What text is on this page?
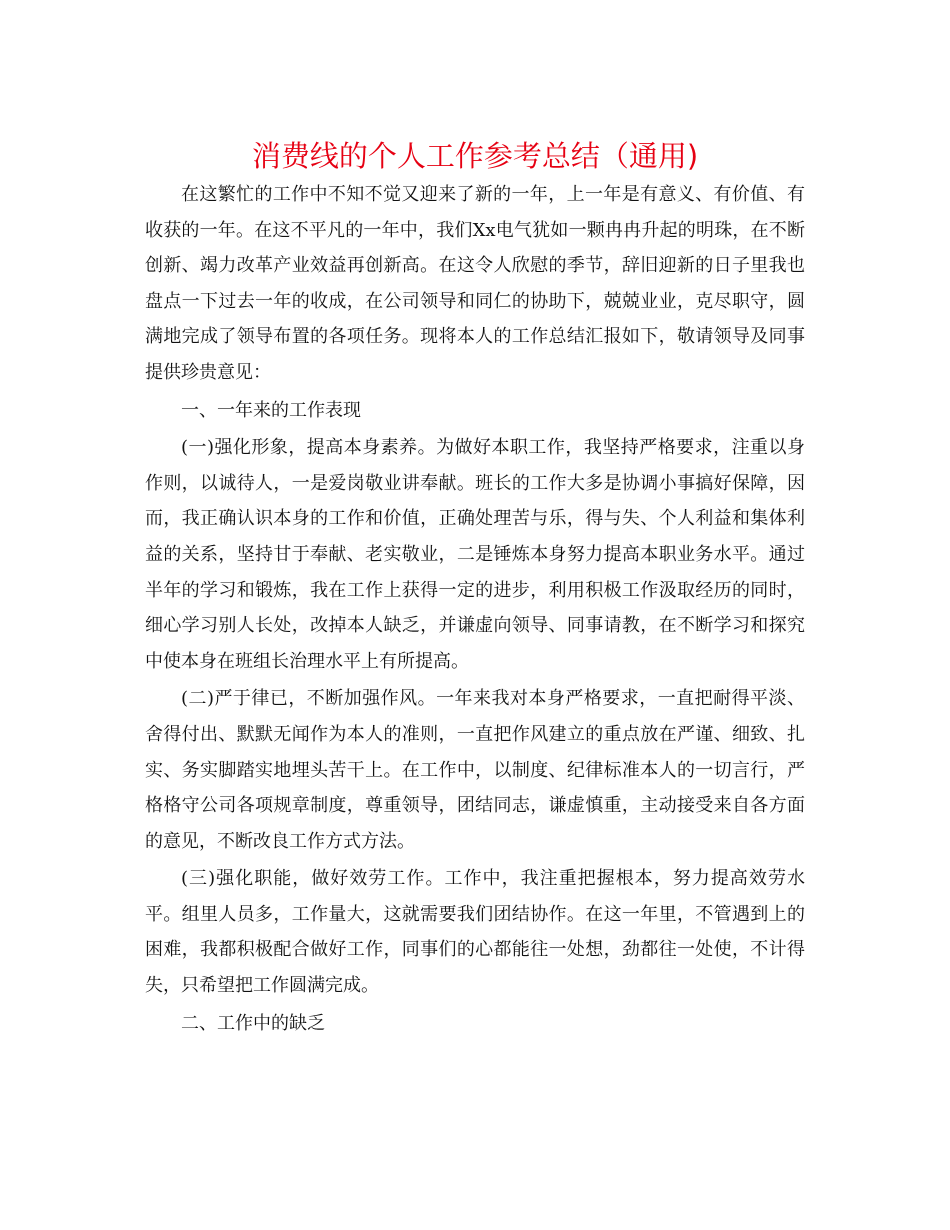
消费线的个人工作参考总结（通用)

在这繁忙的工作中不知不觉又迎来了新的一年，上一年是有意义、有价值、有收获的一年。在这不平凡的一年中，我们Xx电气犹如一颗冉冉升起的明珠，在不断创新、竭力改革产业效益再创新高。在这令人欣慰的季节，辞旧迎新的日子里我也盘点一下过去一年的收成，在公司领导和同仁的协助下，兢兢业业，克尽职守，圆满地完成了领导布置的各项任务。现将本人的工作总结汇报如下，敬请领导及同事提供珍贵意见：

一、一年来的工作表现

(一)强化形象，提高本身素养。为做好本职工作，我坚持严格要求，注重以身作则，以诚待人，一是爱岗敬业讲奉献。班长的工作大多是协调小事搞好保障，因而，我正确认识本身的工作和价值，正确处理苦与乐，得与失、个人利益和集体利益的关系，坚持甘于奉献、老实敬业，二是锤炼本身努力提高本职业务水平。通过半年的学习和锻炼，我在工作上获得一定的进步，利用积极工作汲取经历的同时，细心学习别人长处，改掉本人缺乏，并谦虚向领导、同事请教，在不断学习和探究中使本身在班组长治理水平上有所提高。

(二)严于律已，不断加强作风。一年来我对本身严格要求，一直把耐得平淡、舍得付出、默默无闻作为本人的准则，一直把作风建立的重点放在严谨、细致、扎实、务实脚踏实地埋头苦干上。在工作中，以制度、纪律标准本人的一切言行，严格格守公司各项规章制度，尊重领导，团结同志，谦虚慎重，主动接受来自各方面的意见，不断改良工作方式方法。

(三)强化职能，做好效劳工作。工作中，我注重把握根本，努力提高效劳水平。组里人员多，工作量大，这就需要我们团结协作。在这一年里，不管遇到上的困难，我都积极配合做好工作，同事们的心都能往一处想，劲都往一处使，不计得失，只希望把工作圆满完成。

二、工作中的缺乏
